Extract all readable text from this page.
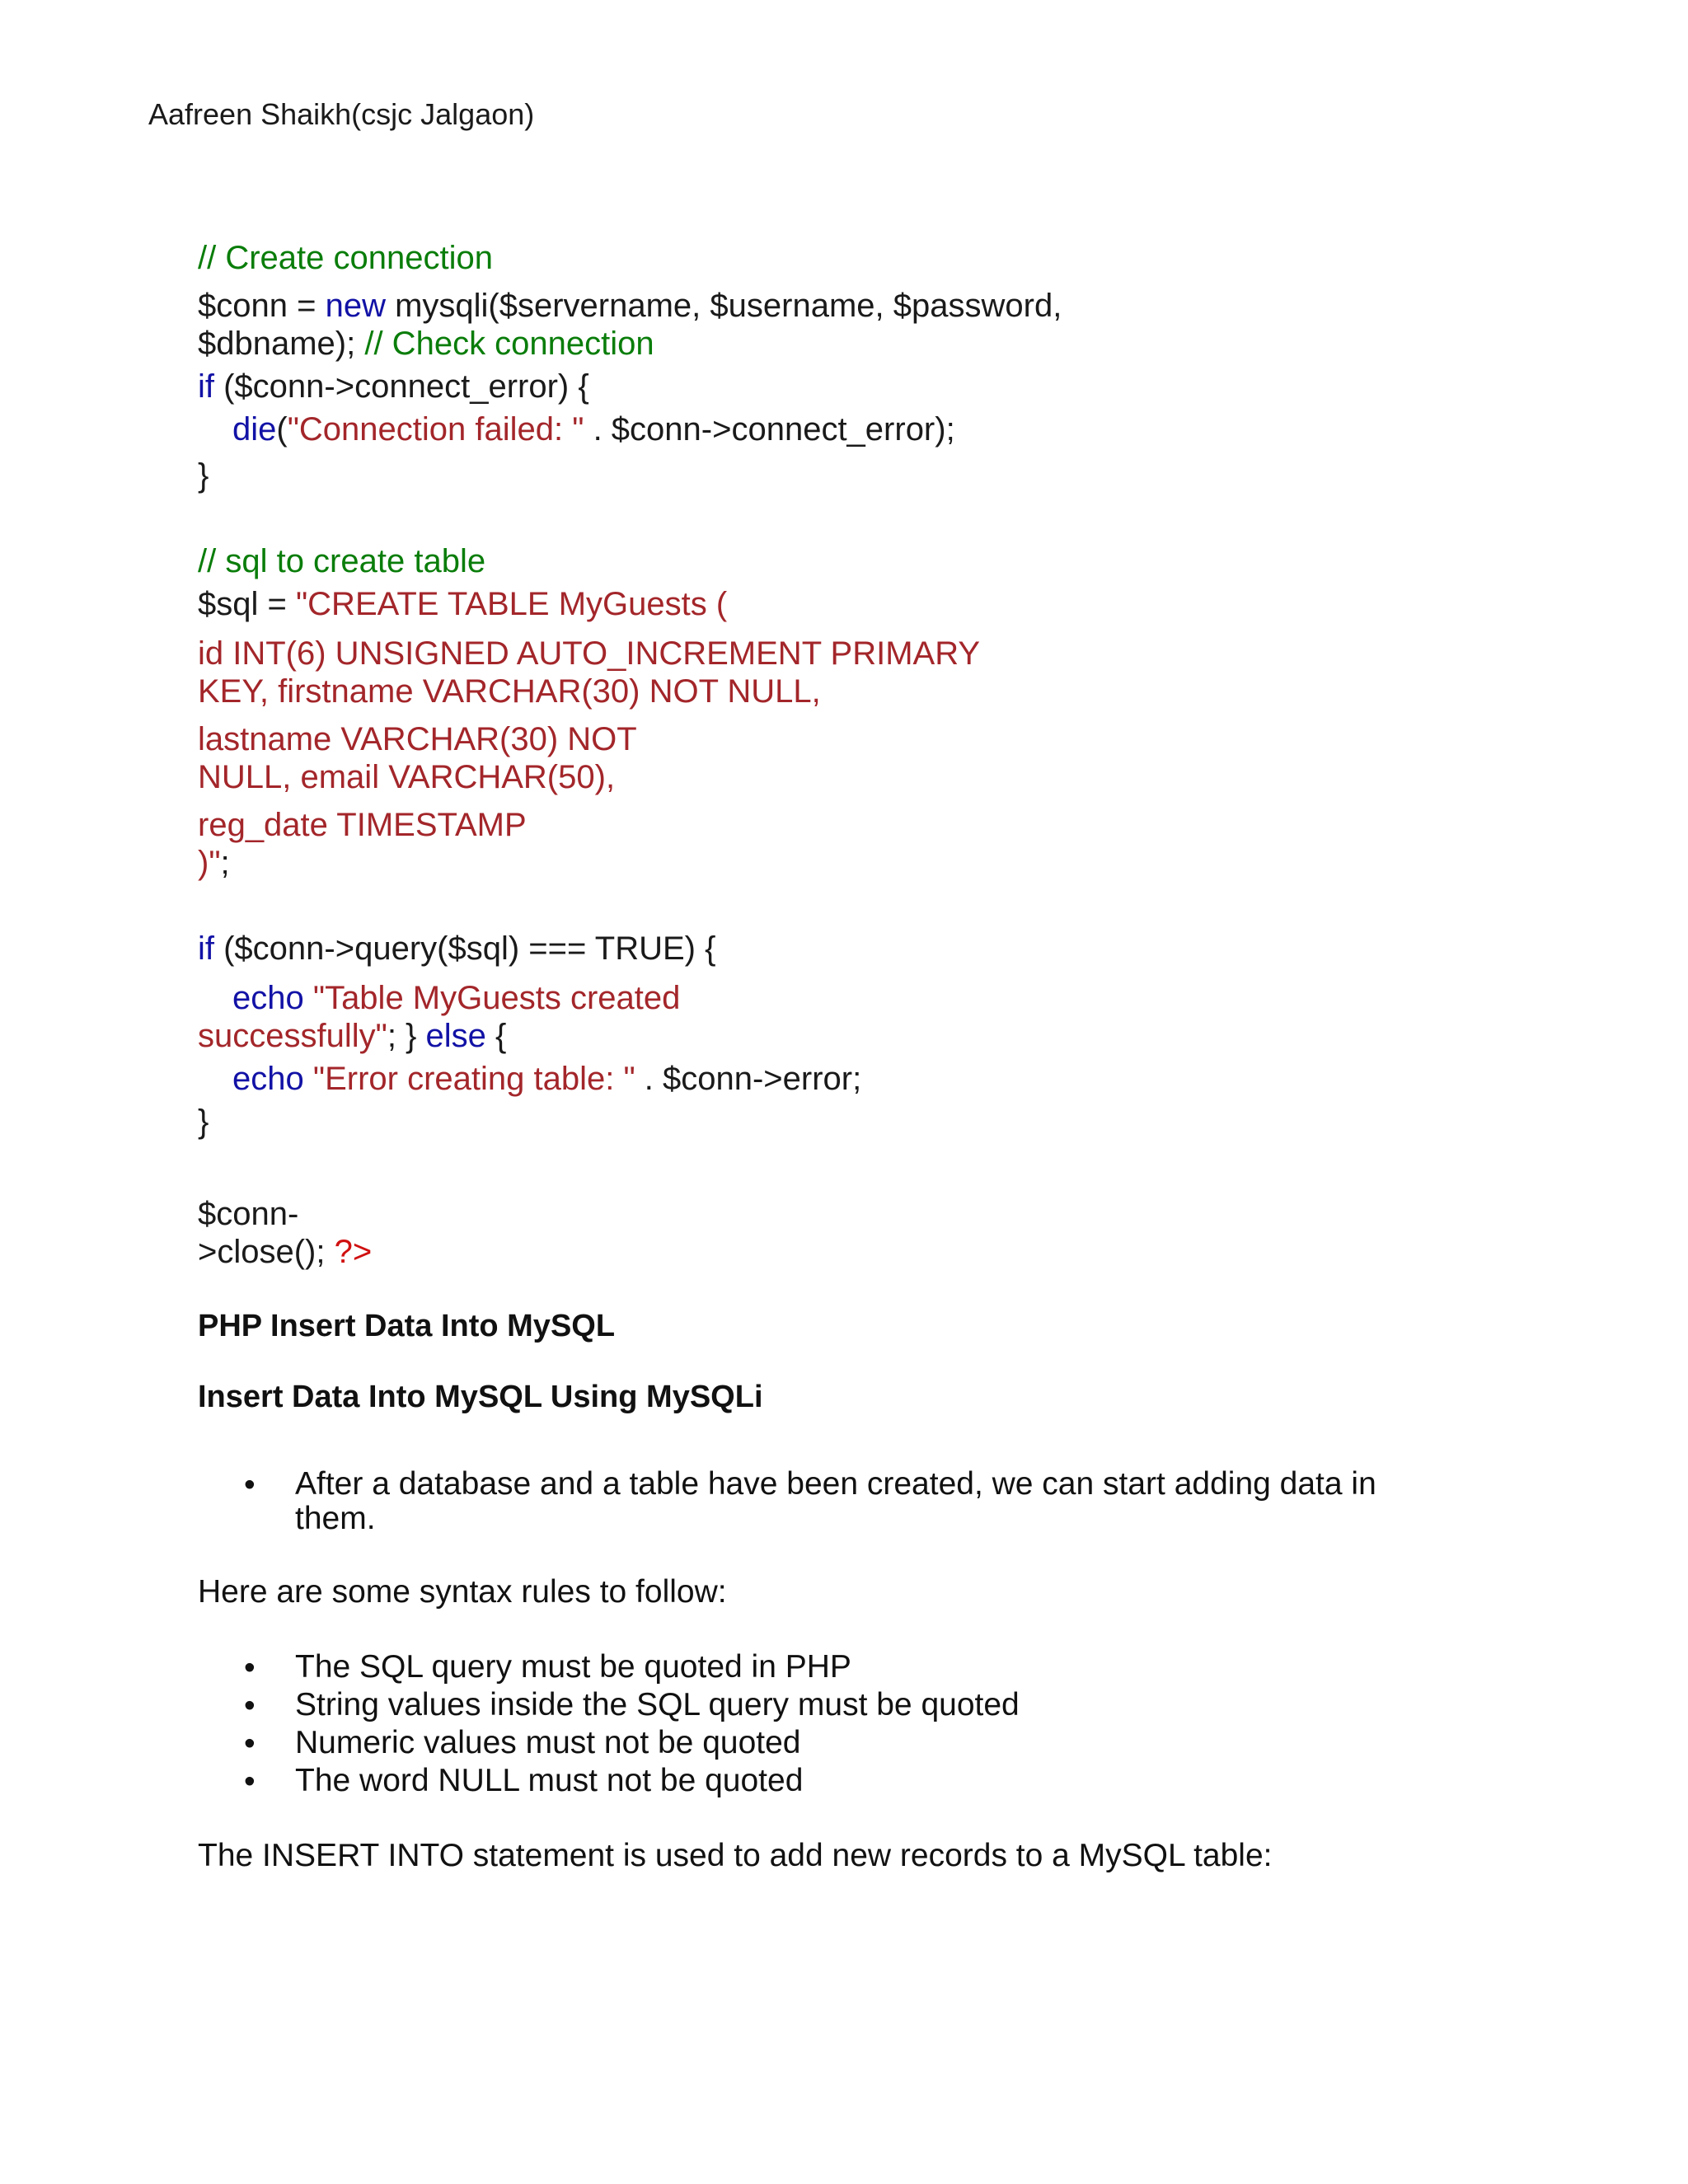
Aafreen Shaikh(csjc Jalgaon)
// Create connection
$conn = new mysqli($servername, $username, $password,
$dbname); // Check connection
if ($conn->connect_error) {
die("Connection failed: " . $conn->connect_error);
}
// sql to create table
$sql = "CREATE TABLE MyGuests (
id INT(6) UNSIGNED AUTO_INCREMENT PRIMARY
KEY, firstname VARCHAR(30) NOT NULL,
lastname VARCHAR(30) NOT
NULL, email VARCHAR(50),
reg_date TIMESTAMP
)";
if ($conn->query($sql) === TRUE) {
echo "Table MyGuests created
successfully"; } else {
echo "Error creating table: " . $conn->error;
}
$conn-
>close(); ?>
PHP Insert Data Into MySQL
Insert Data Into MySQL Using MySQLi
•	After a database and a table have been created, we can start adding data in them.
Here are some syntax rules to follow:
•	The SQL query must be quoted in PHP
•	String values inside the SQL query must be quoted
•	Numeric values must not be quoted
•	The word NULL must not be quoted
The INSERT INTO statement is used to add new records to a MySQL table:
